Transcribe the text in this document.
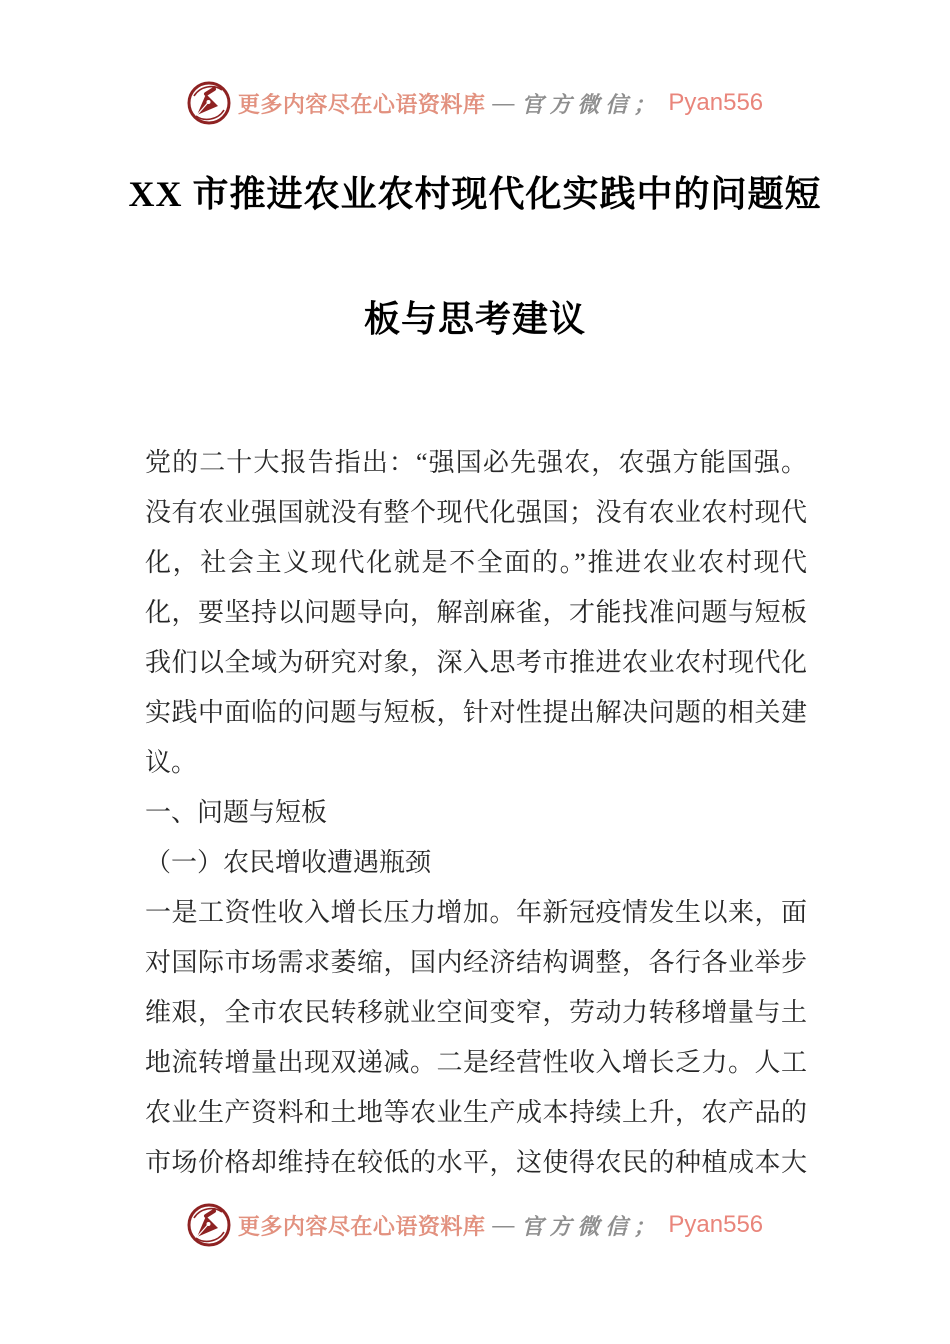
更多内容尽在心语资料库 — 官方微信； Pyan556
XX 市推进农业农村现代化实践中的问题短
板与思考建议
党的二十大报告指出：“强国必先强农，农强方能国强。
没有农业强国就没有整个现代化强国；没有农业农村现代
化，社会主义现代化就是不全面的。”推进农业农村现代
化，要坚持以问题导向，解剖麻雀，才能找准问题与短板
我们以全域为研究对象，深入思考市推进农业农村现代化
实践中面临的问题与短板，针对性提出解决问题的相关建
议。
一、问题与短板
（一）农民增收遭遇瓶颈
一是工资性收入增长压力增加。年新冠疫情发生以来，面
对国际市场需求萎缩，国内经济结构调整，各行各业举步
维艰，全市农民转移就业空间变窄，劳动力转移增量与土
地流转增量出现双递减。二是经营性收入增长乏力。人工
农业生产资料和土地等农业生产成本持续上升，农产品的
市场价格却维持在较低的水平，这使得农民的种植成本大
更多内容尽在心语资料库 — 官方微信； Pyan556
